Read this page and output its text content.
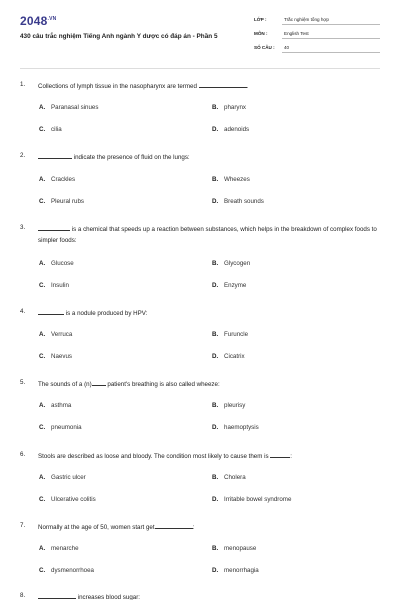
$2048^{.VN}$
430 câu trắc nghiệm Tiếng Anh ngành Y dược có đáp án - Phần 5
LỚP :	Trắc nghiệm tổng hợp
MÔN :	English Test
SỐ CÂU : 40
1. Collections of lymph tissue in the nasopharynx are termed	.
A. Paranasal sinues	B. pharynx
C. cilia	D. adenoids
2.	indicate the presence of fluid on the lungs:
A. Crackles	B. Wheezes
C. Pleural rubs	D. Breath sounds
3.	is a chemical that speeds up a reaction between substances, which helps in the breakdown of complex foods to simpler foods:
A. Glucose	B. Glycogen
C. Insulin	D. Enzyme
4.	is a nodule produced by HPV:
A. Verruca	B. Furuncle
C. Naevus	D. Cicatrix
5. The sounds of a (n)	patient's breathing is also called wheeze:
A. asthma	B. pleurisy
C. pneumonia	D. haemoptysis
6. Stools are described as loose and bloody. The condition most likely to cause them is	:
A. Gastric ulcer	B. Cholera
C. Ulcerative colitis	D. Irritable bowel syndrome
7. Normally at the age of 50, women start get	:
A. menarche	B. menopause
C. dysmenorrhoea	D. menorrhagia
8.	increases blood sugar:
